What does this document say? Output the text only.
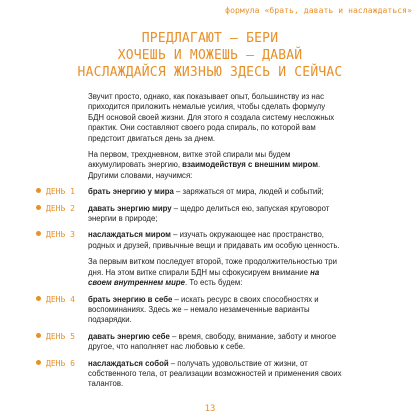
формула «брать, давать и наслаждаться»
ПРЕДЛАГАЮТ – БЕРИ
ХОЧЕШЬ И МОЖЕШЬ – ДАВАЙ
НАСЛАЖДАЙСЯ ЖИЗНЬЮ ЗДЕСЬ И СЕЙЧАС

Звучит просто, однако, как показывает опыт, большинству из нас приходится приложить немалые усилия, чтобы сделать формулу БДН основой своей жизни. Для этого я создала систему несложных практик. Они составляют своего рода спираль, по которой вам предстоит двигаться день за днем.

На первом, трехдневном, витке этой спирали мы будем аккумулировать энергию, взаимодействуя с внешним миром. Другими словами, научимся:

ДЕНЬ 1 брать энергию у мира – заряжаться от мира, людей и событий;
ДЕНЬ 2 давать энергию миру – щедро делиться ею, запуская круговорот энергии в природе;
ДЕНЬ 3 наслаждаться миром – изучать окружающее нас пространство, родных и друзей, привычные вещи и придавать им особую ценность.

За первым витком последует второй, тоже продолжительностью три дня. На этом витке спирали БДН мы сфокусируем внимание на своем внутреннем мире. То есть будем:

ДЕНЬ 4 брать энергию в себе – искать ресурс в своих способностях и воспоминаниях. Здесь же – немало незамеченные варианты подзарядки.
ДЕНЬ 5 давать энергию себе – время, свободу, внимание, заботу и многое другое, что наполняет нас любовью к себе.
ДЕНЬ 6 наслаждаться собой – получать удовольствие от жизни, от собственного тела, от реализации возможностей и применения своих талантов.
13
